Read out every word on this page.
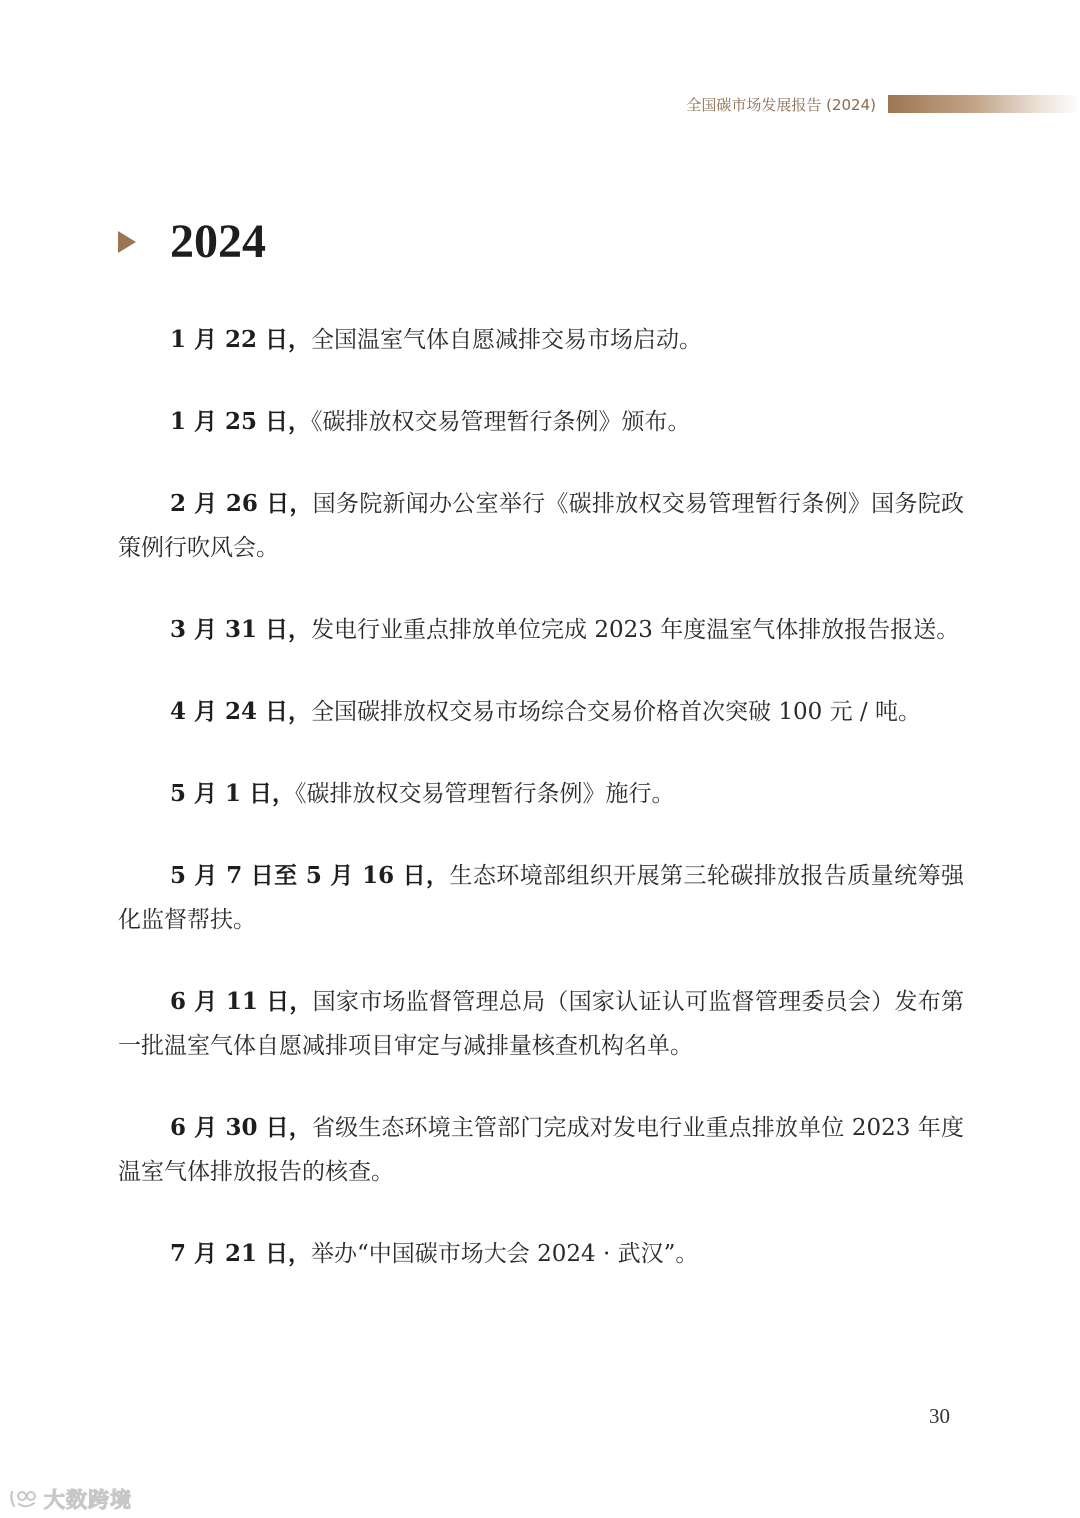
全国碳市场发展报告 (2024)
2024

1 月 22 日，全国温室气体自愿减排交易市场启动。

1 月 25 日，《碳排放权交易管理暂行条例》颁布。

2 月 26 日，国务院新闻办公室举行《碳排放权交易管理暂行条例》国务院政策例行吹风会。

3 月 31 日，发电行业重点排放单位完成 2023 年度温室气体排放报告报送。

4 月 24 日，全国碳排放权交易市场综合交易价格首次突破 100 元 / 吨。

5 月 1 日，《碳排放权交易管理暂行条例》施行。

5 月 7 日至 5 月 16 日，生态环境部组织开展第三轮碳排放报告质量统筹强化监督帮扶。

6 月 11 日，国家市场监督管理总局（国家认证认可监督管理委员会）发布第一批温室气体自愿减排项目审定与减排量核查机构名单。

6 月 30 日，省级生态环境主管部门完成对发电行业重点排放单位 2023 年度温室气体排放报告的核查。

7 月 21 日，举办“中国碳市场大会 2024 · 武汉”。

30
大数跨境
